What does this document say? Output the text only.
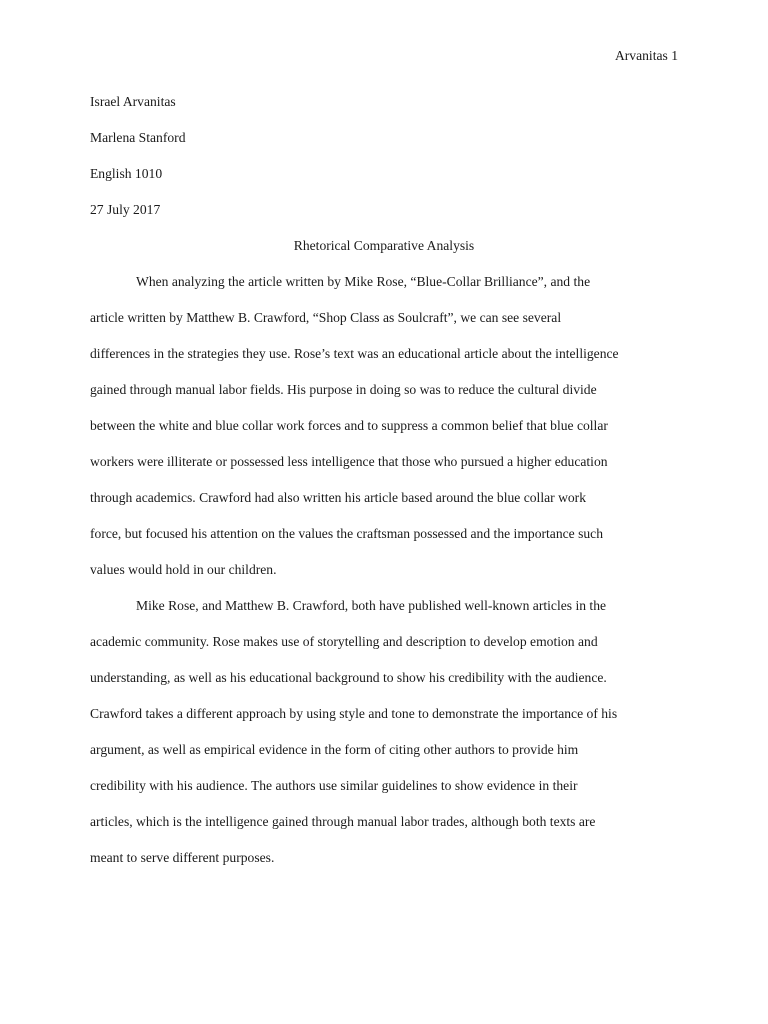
Arvanitas 1
Israel Arvanitas
Marlena Stanford
English 1010
27 July 2017
Rhetorical Comparative Analysis
When analyzing the article written by Mike Rose, “Blue-Collar Brilliance”, and the
article written by Matthew B. Crawford, “Shop Class as Soulcraft”, we can see several
differences in the strategies they use. Rose’s text was an educational article about the intelligence
gained through manual labor fields. His purpose in doing so was to reduce the cultural divide
between the white and blue collar work forces and to suppress a common belief that blue collar
workers were illiterate or possessed less intelligence that those who pursued a higher education
through academics. Crawford had also written his article based around the blue collar work
force, but focused his attention on the values the craftsman possessed and the importance such
values would hold in our children.
Mike Rose, and Matthew B. Crawford, both have published well-known articles in the
academic community. Rose makes use of storytelling and description to develop emotion and
understanding, as well as his educational background to show his credibility with the audience.
Crawford takes a different approach by using style and tone to demonstrate the importance of his
argument, as well as empirical evidence in the form of citing other authors to provide him
credibility with his audience. The authors use similar guidelines to show evidence in their
articles, which is the intelligence gained through manual labor trades, although both texts are
meant to serve different purposes.
